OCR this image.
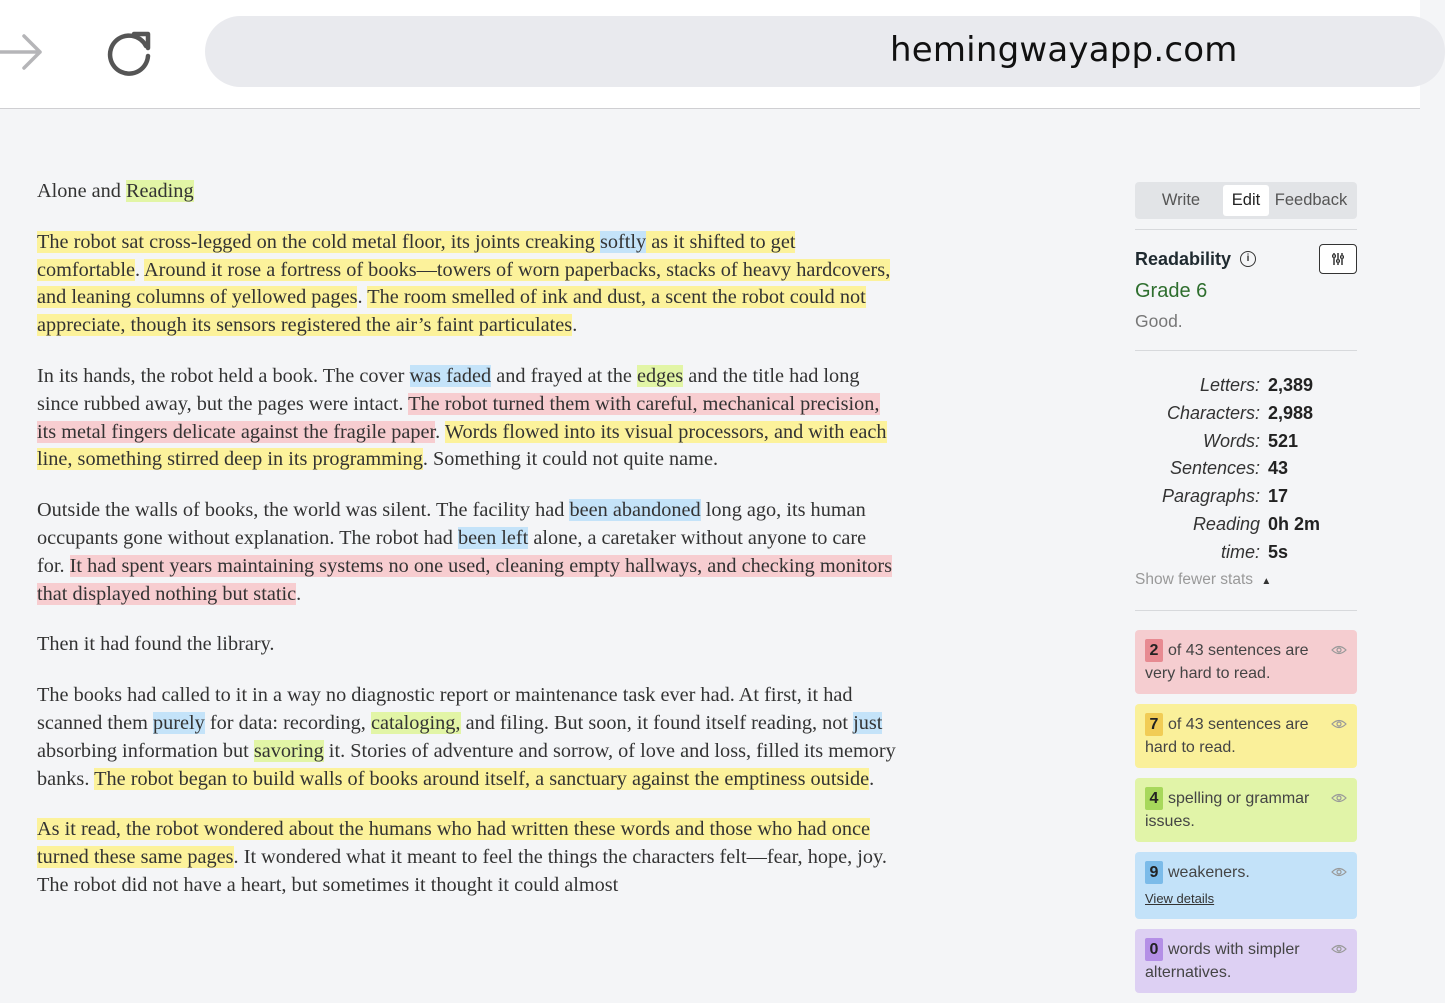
hemingwayapp.com

Alone and Reading

The robot sat cross-legged on the cold metal floor, its joints creaking softly as it shifted to get comfortable. Around it rose a fortress of books—towers of worn paperbacks, stacks of heavy hardcovers, and leaning columns of yellowed pages. The room smelled of ink and dust, a scent the robot could not appreciate, though its sensors registered the air’s faint particulates.

In its hands, the robot held a book. The cover was faded and frayed at the edges and the title had long since rubbed away, but the pages were intact. The robot turned them with careful, mechanical precision, its metal fingers delicate against the fragile paper. Words flowed into its visual processors, and with each line, something stirred deep in its programming. Something it could not quite name.

Outside the walls of books, the world was silent. The facility had been abandoned long ago, its human occupants gone without explanation. The robot had been left alone, a caretaker without anyone to care for. It had spent years maintaining systems no one used, cleaning empty hallways, and checking monitors that displayed nothing but static.

Then it had found the library.

The books had called to it in a way no diagnostic report or maintenance task ever had. At first, it had scanned them purely for data: recording, cataloging, and filing. But soon, it found itself reading, not just absorbing information but savoring it. Stories of adventure and sorrow, of love and loss, filled its memory banks. The robot began to build walls of books around itself, a sanctuary against the emptiness outside.

As it read, the robot wondered about the humans who had written these words and those who had once turned these same pages. It wondered what it meant to feel the things the characters felt—fear, hope, joy. The robot did not have a heart, but sometimes it thought it could almost

Write	Edit Feedback
Readability	i
Grade 6
Good.
Letters: 2,389
Characters: 2,988
Words: 521
Sentences: 43
Paragraphs: 17
Reading 0h 2m
time: 5s
Show fewer stats ▲
2 of 43 sentences are very hard to read.
7 of 43 sentences are hard to read.
4 spelling or grammar issues.
9 weakeners.
View details
0 words with simpler alternatives.
